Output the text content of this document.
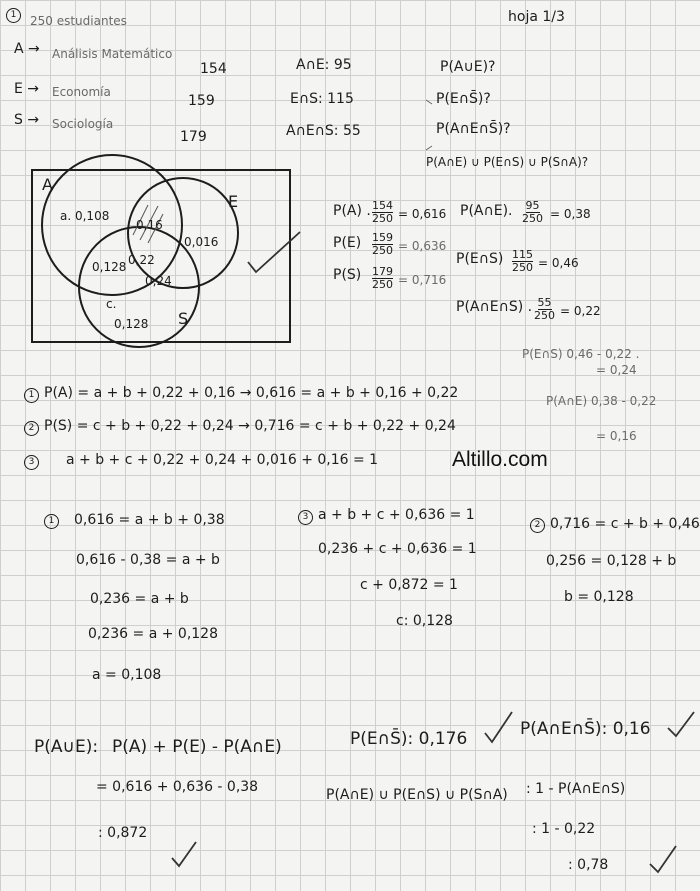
1	250 estudiantes	hoja 1/3
A → Análisis Matemático
154
E → Economía
159
S → Sociología
179
A∩E: 95
E∩S: 115
A∩E∩S: 55
P(A∪E)?
P(E∩S̄)?
P(A∩E∩S̄)?
P(A∩E) ∪ P(E∩S) ∪ P(S∩A)?
A
E
S
c.
a. 0,108
0,16
0,016
0,128 0,22
0,24
0,128
P(A) . $\frac{154}{250} = 0,616$
$P(E) \frac{159}{250} = 0,636$
$P(S) \frac{179}{250} = 0,716$
P(A∩E). $\frac{95}{250} = 0,38$
P(E∩S) $\frac{115}{250} = 0,46$
P(A∩E∩S) . $\frac{55}{250} = 0,22$
P(E∩S) 0,46 - 0,22 .
= 0,24
P(A∩E) 0,38 - 0,22
= 0,16
1 P(A) = a + b + 0,22 + 0,16 → 0,616 = a + b + 0,16 + 0,22
2 P(S) = c + b + 0,22 + 0,24 → 0,716 = c + b + 0,22 + 0,24
3	a + b + c + 0,22 + 0,24 + 0,016 + 0,16 = 1	Altillo.com
1	0,616 = a + b + 0,38
0,616 - 0,38 = a + b
0,236 = a + b
0,236 = a + 0,128
a = 0,108
3 a + b + c + 0,636 = 1
0,236 + c + 0,636 = 1
c + 0,872 = 1
c: 0,128
2 0,716 = c + b + 0,46
0,256 = 0,128 + b
b = 0,128
P(A∪E): P(A) + P(E) - P(A∩E)
= 0,616 + 0,636 - 0,38
: 0,872
P(E∩S̄): 0,176	P(A∩E∩S̄): 0,16
P(A∩E) ∪ P(E∩S) ∪ P(S∩A) : 1 - P(A∩E∩S)
: 1 - 0,22
: 0,78
